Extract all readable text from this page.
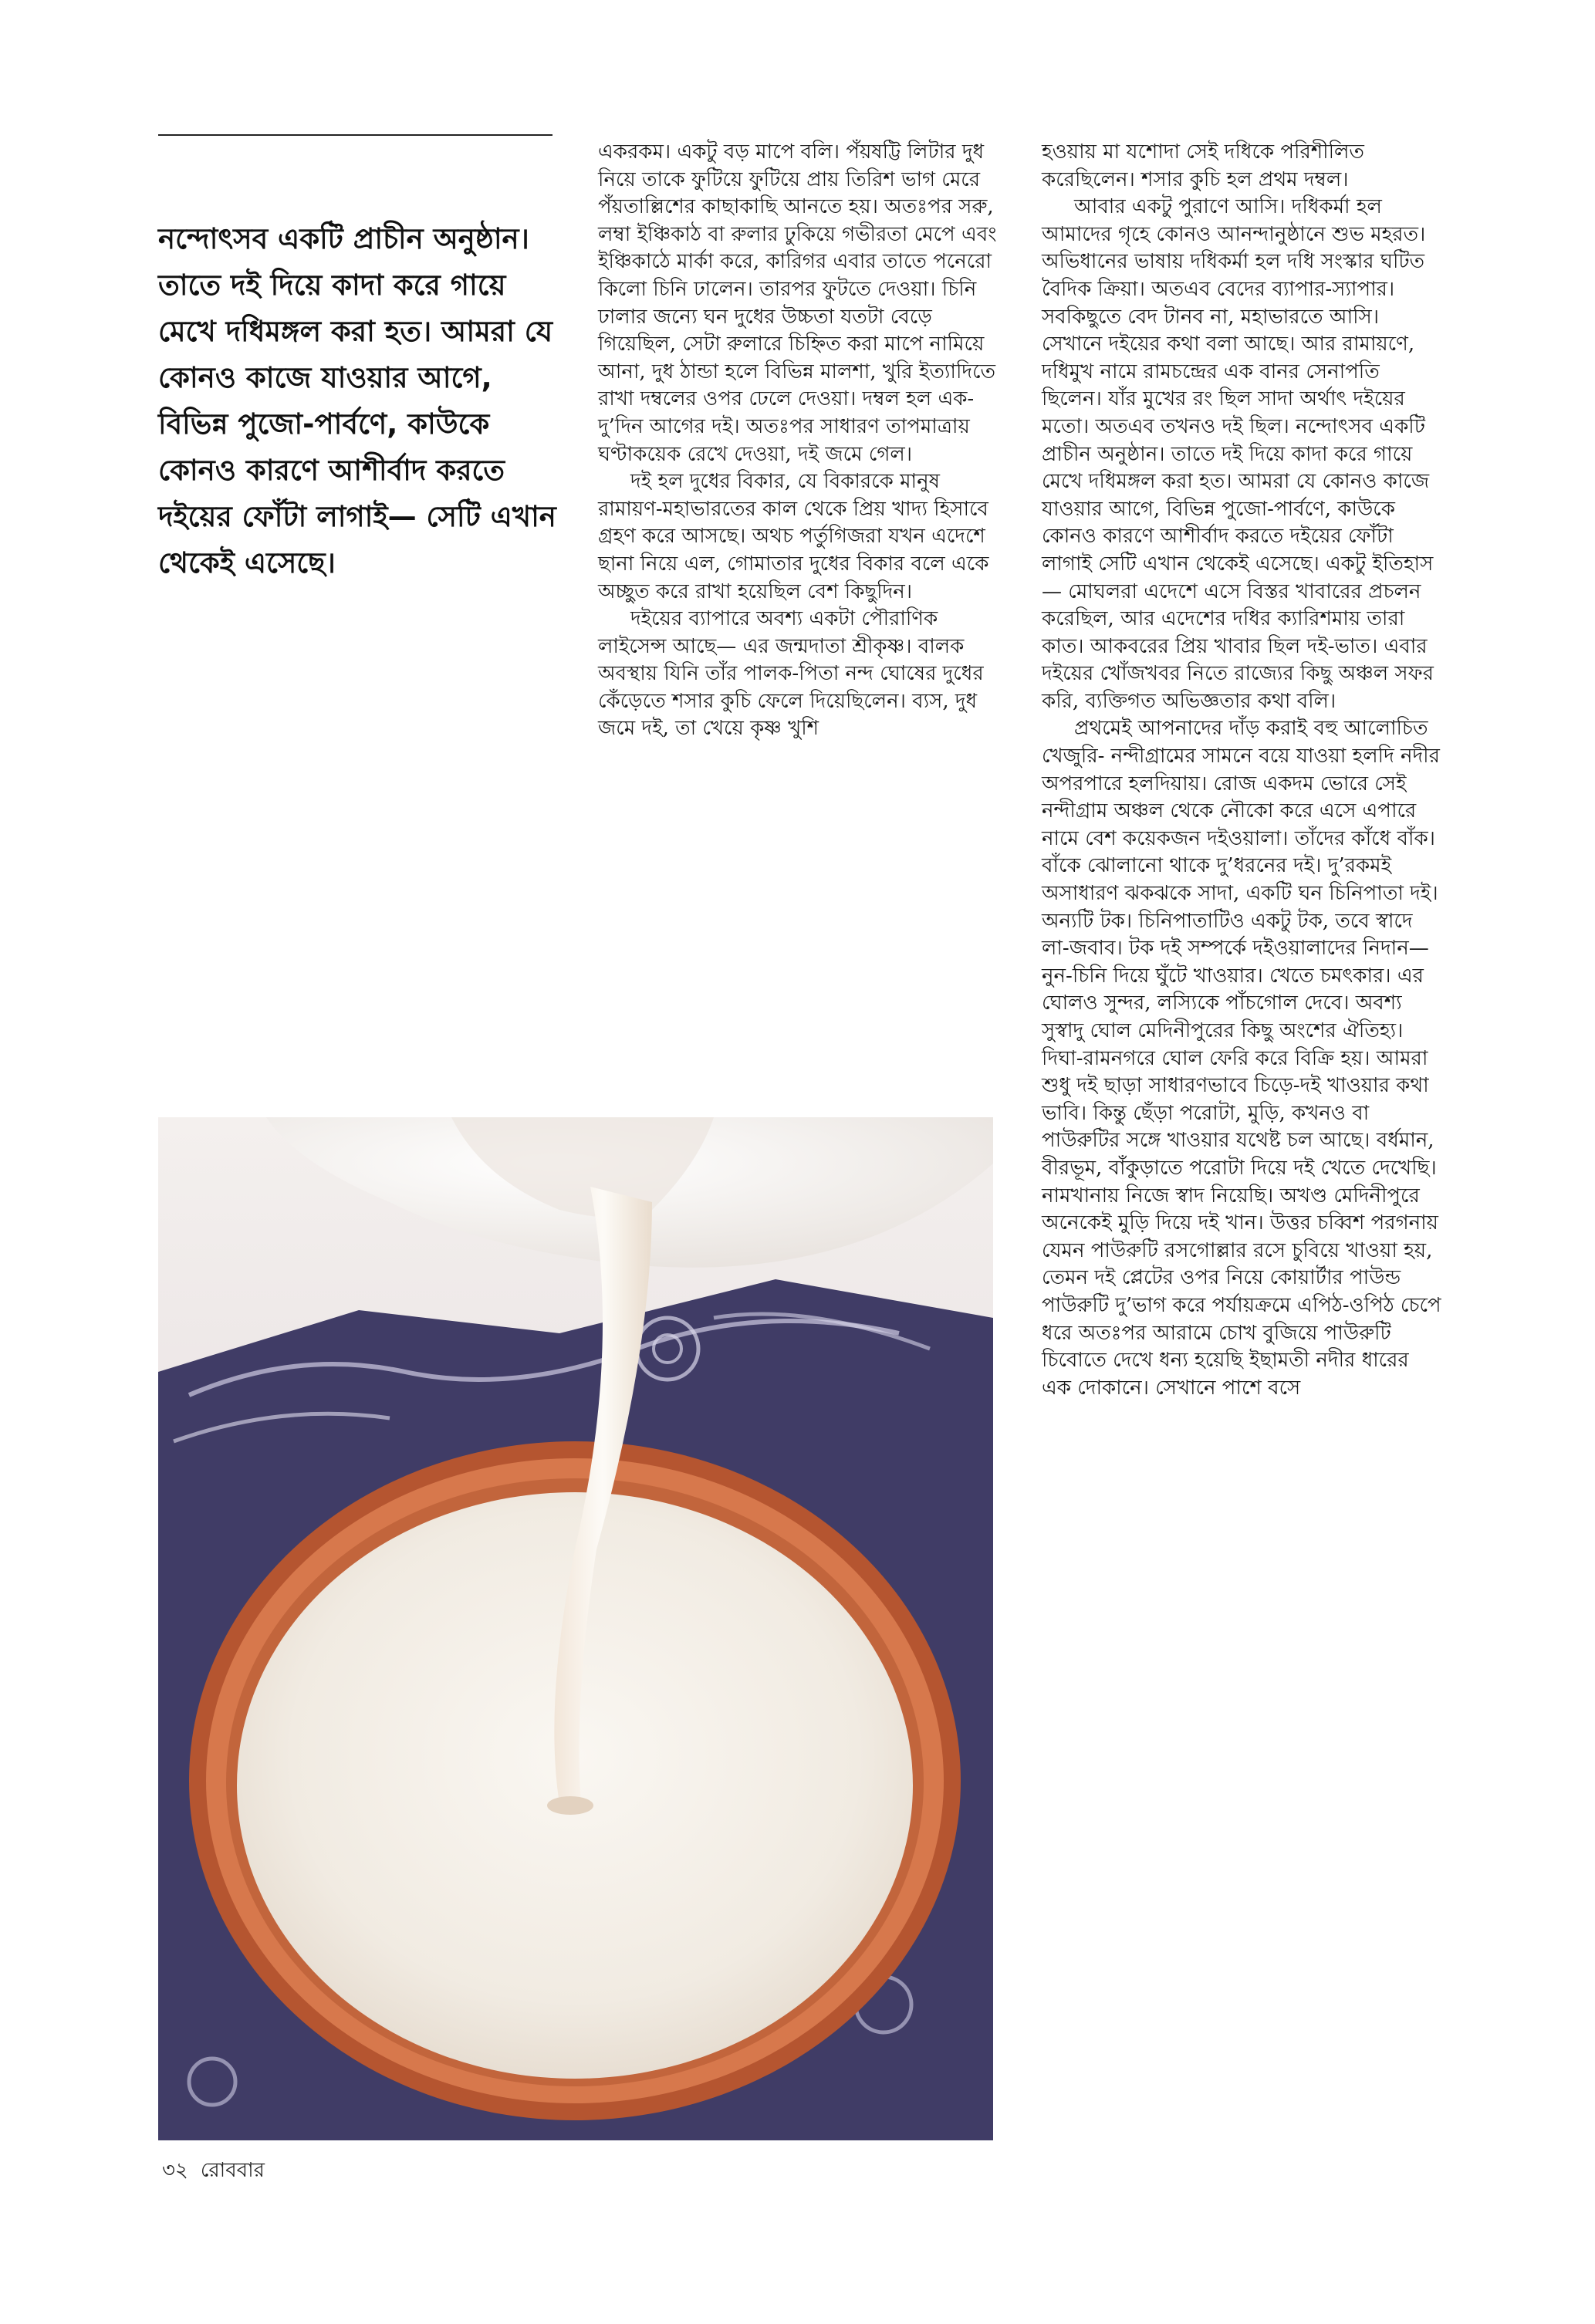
নন্দোৎসব একটি প্রাচীন অনুষ্ঠান। তাতে দই দিয়ে কাদা করে গায়ে মেখে দধিমঙ্গল করা হত। আমরা যে কোনও কাজে যাওয়ার আগে, বিভিন্ন পুজো-পার্বণে, কাউকে কোনও কারণে আশীর্বাদ করতে দইয়ের ফোঁটা লাগাই— সেটি এখান থেকেই এসেছে।

একরকম। একটু বড় মাপে বলি। পঁয়ষট্টি লিটার দুধ নিয়ে তাকে ফুটিয়ে ফুটিয়ে প্রায় তিরিশ ভাগ মেরে পঁয়তাল্লিশের কাছাকাছি আনতে হয়। অতঃপর সরু, লম্বা ইঞ্চিকাঠ বা রুলার ঢুকিয়ে গভীরতা মেপে এবং ইঞ্চিকাঠে মার্কা করে, কারিগর এবার তাতে পনেরো কিলো চিনি ঢালেন। তারপর ফুটতে দেওয়া। চিনি ঢালার জন্যে ঘন দুধের উচ্চতা যতটা বেড়ে গিয়েছিল, সেটা রুলারে চিহ্নিত করা মাপে নামিয়ে আনা, দুধ ঠান্ডা হলে বিভিন্ন মালশা, খুরি ইত্যাদিতে রাখা দম্বলের ওপর ঢেলে দেওয়া। দম্বল হল এক-দু’দিন আগের দই। অতঃপর সাধারণ তাপমাত্রায় ঘণ্টাকয়েক রেখে দেওয়া, দই জমে গেল।

দই হল দুধের বিকার, যে বিকারকে মানুষ রামায়ণ-মহাভারতের কাল থেকে প্রিয় খাদ্য হিসাবে গ্রহণ করে আসছে। অথচ পর্তুগিজরা যখন এদেশে ছানা নিয়ে এল, গোমাতার দুধের বিকার বলে একে অচ্ছুত করে রাখা হয়েছিল বেশ কিছুদিন।

দইয়ের ব্যাপারে অবশ্য একটা পৌরাণিক লাইসেন্স আছে— এর জন্মদাতা শ্রীকৃষ্ণ। বালক অবস্থায় যিনি তাঁর পালক-পিতা নন্দ ঘোষের দুধের কেঁড়েতে শসার কুচি ফেলে দিয়েছিলেন। ব্যস, দুধ জমে দই, তা খেয়ে কৃষ্ণ খুশি

হওয়ায় মা যশোদা সেই দধিকে পরিশীলিত করেছিলেন। শসার কুচি হল প্রথম দম্বল।

আবার একটু পুরাণে আসি। দধিকর্মা হল আমাদের গৃহে কোনও আনন্দানুষ্ঠানে শুভ মহরত। অভিধানের ভাষায় দধিকর্মা হল দধি সংস্কার ঘটিত বৈদিক ক্রিয়া। অতএব বেদের ব্যাপার-স্যাপার। সবকিছুতে বেদ টানব না, মহাভারতে আসি। সেখানে দইয়ের কথা বলা আছে। আর রামায়ণে, দধিমুখ নামে রামচন্দ্রের এক বানর সেনাপতি ছিলেন। যাঁর মুখের রং ছিল সাদা অর্থাৎ দইয়ের মতো। অতএব তখনও দই ছিল। নন্দোৎসব একটি প্রাচীন অনুষ্ঠান। তাতে দই দিয়ে কাদা করে গায়ে মেখে দধিমঙ্গল করা হত। আমরা যে কোনও কাজে যাওয়ার আগে, বিভিন্ন পুজো-পার্বণে, কাউকে কোনও কারণে আশীর্বাদ করতে দইয়ের ফোঁটা লাগাই সেটি এখান থেকেই এসেছে। একটু ইতিহাস— মোঘলরা এদেশে এসে বিস্তর খাবারের প্রচলন করেছিল, আর এদেশের দধির ক্যারিশমায় তারা কাত। আকবরের প্রিয় খাবার ছিল দই-ভাত। এবার দইয়ের খোঁজখবর নিতে রাজ্যের কিছু অঞ্চল সফর করি, ব্যক্তিগত অভিজ্ঞতার কথা বলি।

প্রথমেই আপনাদের দাঁড় করাই বহু আলোচিত খেজুরি- নন্দীগ্রামের সামনে বয়ে যাওয়া হলদি নদীর অপরপারে হলদিয়ায়। রোজ একদম ভোরে সেই নন্দীগ্রাম অঞ্চল থেকে নৌকো করে এসে এপারে নামে বেশ কয়েকজন দইওয়ালা। তাঁদের কাঁধে বাঁক। বাঁকে ঝোলানো থাকে দু’ধরনের দই। দু’রকমই অসাধারণ ঝকঝকে সাদা, একটি ঘন চিনিপাতা দই। অন্যটি টক। চিনিপাতাটিও একটু টক, তবে স্বাদে লা-জবাব। টক দই সম্পর্কে দইওয়ালাদের নিদান— নুন-চিনি দিয়ে ঘুঁটে খাওয়ার। খেতে চমৎকার। এর ঘোলও সুন্দর, লস্যিকে পাঁচগোল দেবে। অবশ্য সুস্বাদু ঘোল মেদিনীপুরের কিছু অংশের ঐতিহ্য। দিঘা-রামনগরে ঘোল ফেরি করে বিক্রি হয়। আমরা শুধু দই ছাড়া সাধারণভাবে চিড়ে-দই খাওয়ার কথা ভাবি। কিন্তু ছেঁড়া পরোটা, মুড়ি, কখনও বা পাউরুটির সঙ্গে খাওয়ার যথেষ্ট চল আছে। বর্ধমান, বীরভূম, বাঁকুড়াতে পরোটা দিয়ে দই খেতে দেখেছি। নামখানায় নিজে স্বাদ নিয়েছি। অখণ্ড মেদিনীপুরে অনেকেই মুড়ি দিয়ে দই খান। উত্তর চব্বিশ পরগনায় যেমন পাউরুটি রসগোল্লার রসে চুবিয়ে খাওয়া হয়, তেমন দই প্লেটের ওপর নিয়ে কোয়ার্টার পাউন্ড পাউরুটি দু’ভাগ করে পর্যায়ক্রমে এপিঠ-ওপিঠ চেপে ধরে অতঃপর আরামে চোখ বুজিয়ে পাউরুটি চিবোতে দেখে ধন্য হয়েছি ইছামতী নদীর ধারের এক দোকানে। সেখানে পাশে বসে

৩২ রোববার
